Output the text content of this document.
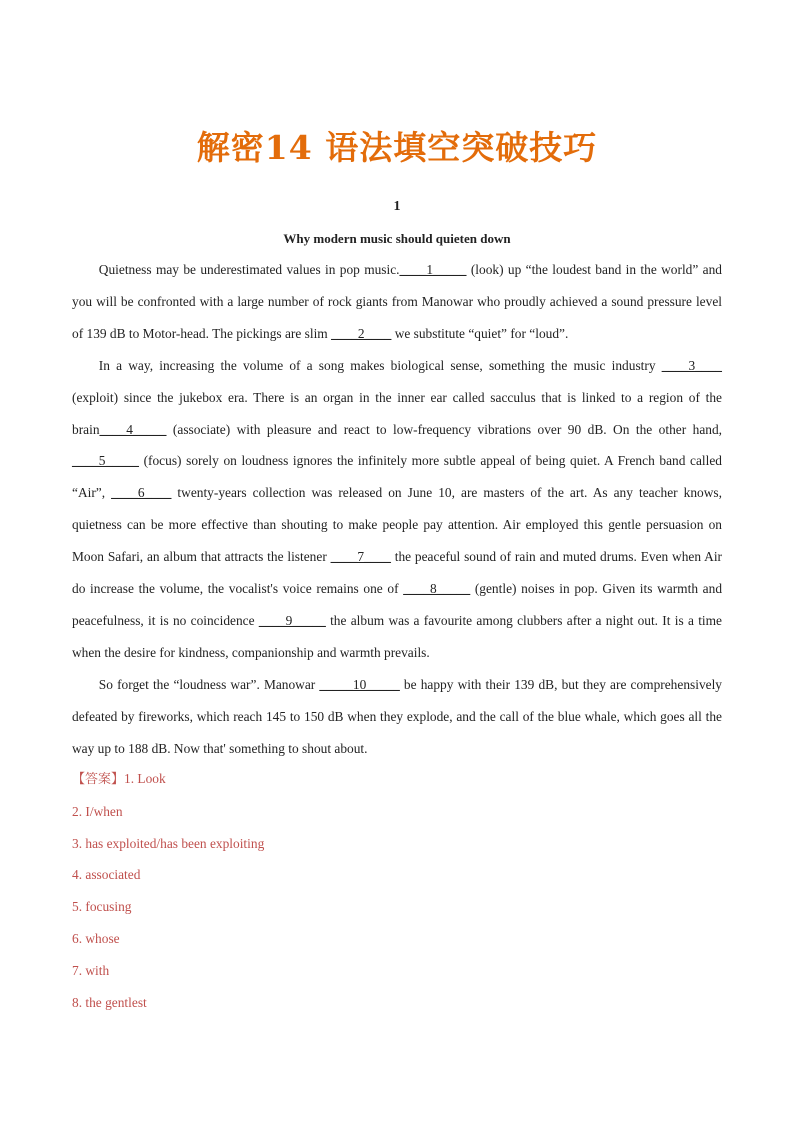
解密14 语法填空突破技巧
1
Why modern music should quieten down

Quietness may be underestimated values in pop music.____1_____ (look) up “the loudest band in the world” and you will be confronted with a large number of rock giants from Manowar who proudly achieved a sound pressure level of 139 dB to Motor-head. The pickings are slim ____2____ we substitute “quiet” for “loud”.

In a way, increasing the volume of a song makes biological sense, something the music industry ____3____ (exploit) since the jukebox era. There is an organ in the inner ear called sacculus that is linked to a region of the brain____4_____ (associate) with pleasure and react to low-frequency vibrations over 90 dB. On the other hand, ____5_____ (focus) sorely on loudness ignores the infinitely more subtle appeal of being quiet. A French band called “Air”, ____6____ twenty-years collection was released on June 10, are masters of the art. As any teacher knows, quietness can be more effective than shouting to make people pay attention. Air employed this gentle persuasion on Moon Safari, an album that attracts the listener ____7____ the peaceful sound of rain and muted drums. Even when Air do increase the volume, the vocalist's voice remains one of ____8_____ (gentle) noises in pop. Given its warmth and peacefulness, it is no coincidence ____9_____ the album was a favourite among clubbers after a night out. It is a time when the desire for kindness, companionship and warmth prevails.

So forget the “loudness war”. Manowar _____10_____ be happy with their 139 dB, but they are comprehensively defeated by fireworks, which reach 145 to 150 dB when they explode, and the call of the blue whale, which goes all the way up to 188 dB. Now that' something to shout about.

【答案】1. Look
2. I/when
3. has exploited/has been exploiting
4. associated
5. focusing
6. whose
7. with
8. the gentlest
